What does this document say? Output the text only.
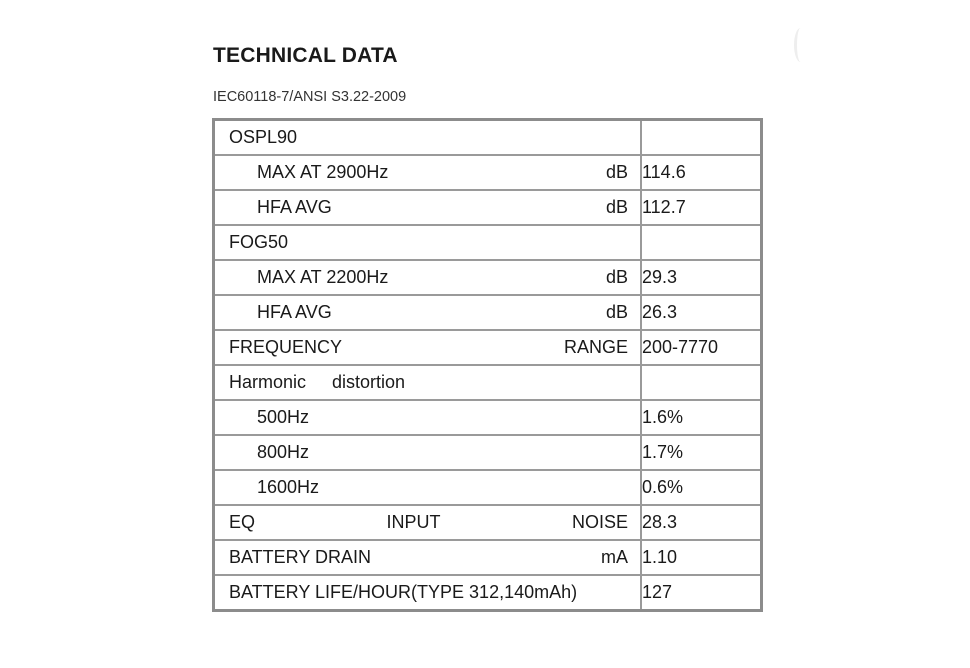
TECHNICAL DATA
IEC60118-7/ANSI S3.22-2009
OSPL90	

MAX AT 2900Hz dB	114.6

HFA AVG dB	112.7

FOG50	

MAX AT 2200Hz dB	29.3

HFA AVG dB	26.3

FREQUENCY RANGE	200-7770

Harmonic distortion	

500Hz	1.6%

800Hz	1.7%

1600Hz	0.6%

EQ INPUT NOISE	28.3

BATTERY DRAIN mA	1.10

BATTERY LIFE/HOUR(TYPE 312,140mAh)	127
